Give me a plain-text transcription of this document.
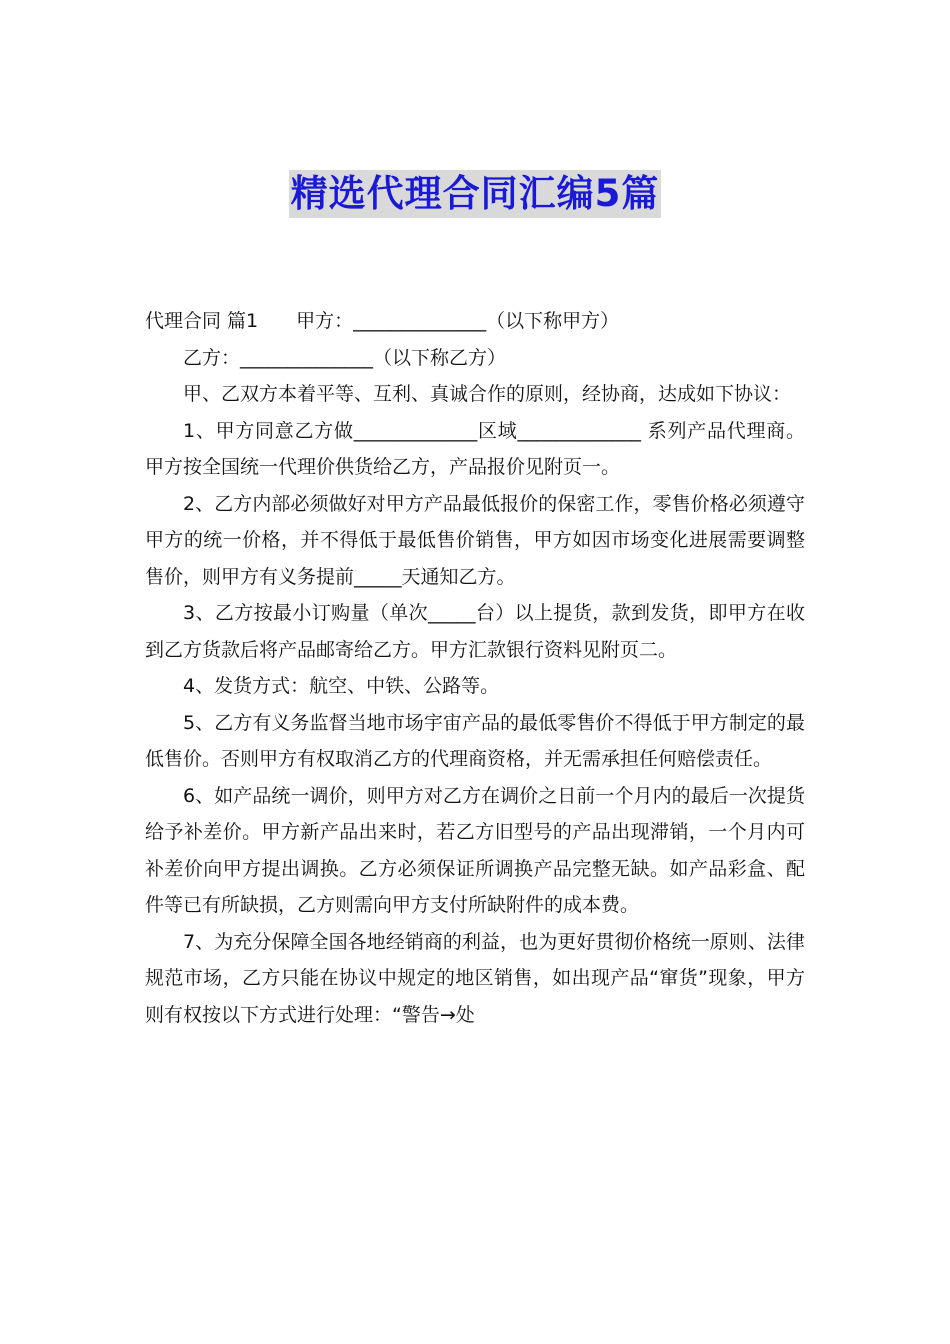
精选代理合同汇编5篇

代理合同 篇1　　甲方：______________（以下称甲方）

乙方：______________（以下称乙方）

甲、乙双方本着平等、互利、真诚合作的原则，经协商，达成如下协议：

1、甲方同意乙方做_____________区域_____________ 系列产品代理商。甲方按全国统一代理价供货给乙方，产品报价见附页一。

2、乙方内部必须做好对甲方产品最低报价的保密工作，零售价格必须遵守甲方的统一价格，并不得低于最低售价销售，甲方如因市场变化进展需要调整售价，则甲方有义务提前_____天通知乙方。

3、乙方按最小订购量（单次_____台）以上提货，款到发货，即甲方在收到乙方货款后将产品邮寄给乙方。甲方汇款银行资料见附页二。

4、发货方式：航空、中铁、公路等。

5、乙方有义务监督当地市场宇宙产品的最低零售价不得低于甲方制定的最低售价。否则甲方有权取消乙方的代理商资格，并无需承担任何赔偿责任。

6、如产品统一调价，则甲方对乙方在调价之日前一个月内的最后一次提货给予补差价。甲方新产品出来时，若乙方旧型号的产品出现滞销，一个月内可补差价向甲方提出调换。乙方必须保证所调换产品完整无缺。如产品彩盒、配件等已有所缺损，乙方则需向甲方支付所缺附件的成本费。

7、为充分保障全国各地经销商的利益，也为更好贯彻价格统一原则、法律规范市场，乙方只能在协议中规定的地区销售，如出现产品“窜货”现象，甲方则有权按以下方式进行处理：“警告→处
